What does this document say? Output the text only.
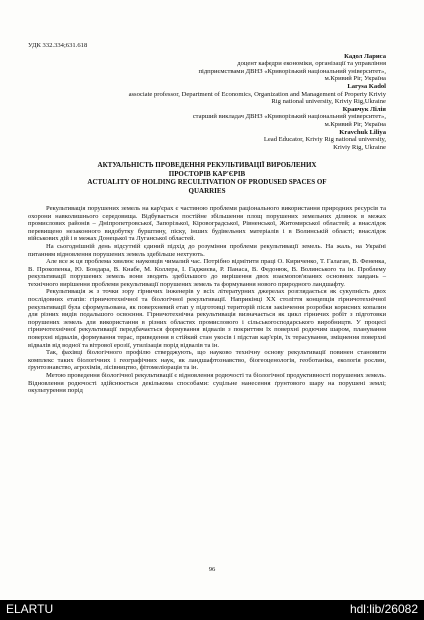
УДК 332.334;631.618
Кадол Лариса
доцент кафедри економіки, організації та управління
підприємствами ДВНЗ «Криворізький національний університет»,
м.Кривий Ріг, Україна
Larysa Kadol
associate professor, Department of Economics, Organization and Management of Property Kriviy
Rig national university, Kriviy Rig,Ukraine
Кравчук Лілія
старший викладач ДВНЗ «Криворізький національний університет»,
м.Кривий Ріг, Україна
Kravchuk Liliya
Lead Educator, Kriviy Rig national university,
Kriviy Rig, Ukraine
АКТУАЛЬНІСТЬ ПРОВЕДЕННЯ РЕКУЛЬТИВАЦІЇ ВИРОБЛЕНИХ
ПРОСТОРІВ КАР'ЄРІВ
ACTUALITY OF HOLDING RECULTIVATION OF PRODUSED SPACES OF
QUARRIES

Рекультивація порушених земель на кар'єрах є частиною проблеми раціонального використання природних ресурсів та охорони навколишнього середовища. Відбувається постійне збільшення площ порушених земельних ділянок в межах промислових районів – Дніпропетровської, Запорізької, Кіровоградської, Рівненської, Житомирської областей; а внаслідок перевищено незаконного видобутку бурштину, піску, інших будівельних матеріалів і в Волинській області; внаслідок військових дій і в межах Донецької та Луганської областей.

На сьогоднішній день відсутній єдиний підхід до розуміння проблеми рекультивації земель. На жаль, на Україні питанням відновлення порушених земель здебільше нехтують.

Але все ж ця проблема хвилює науковців чималий час. Потрібно відмітити праці О. Кириченко, Т. Галаган, В. Фененка, В. Прокопенка, Ю. Бондара, В. Кнабе, М. Коллера, І. Гаджиєва, Р. Панаса, В. Федонюк, В. Волинського та ін. Проблему рекультивації порушених земель вони зводять здебільшого до вирішення двох взаємопов'язаних основних завдань – технічного вирішення проблеми рекультивації порушених земель та формування нового природного ландшафту.

Рекультивація ж з точки зору гірничих інженерів у всіх літературних джерелах розглядається як сукупність двох послідовних етапів: гірничотехнічної та біологічної рекультивації. Наприкінці ХХ століття концепція гірничотехнічної рекультивації була сформульована, як поверхневий етап у підготовці територій після закінчення розробки корисних копалин для різних видів подальшого освоєння. Гірничотехнічна рекультивація визначається як цикл гірничих робіт з підготовки порушених земель для використання в різних областях промислового і сільськогосподарського виробництв. У процесі гірничотехнічної рекультивації передбачається формування відвалів з покриттям їх поверхні родючим шаром, планування поверхні відвалів, формування терас, приведення в стійкий стан укосів і підстав кар'єрів, їх терасування, зміцнення поверхні відвалів від водної та вітрової ерозії, утилізація порід відвалів та ін.

Так, фахівці біологічного профілю стверджують, що науково технічну основу рекультивації повинен становити комплекс таких біологічних і географічних наук, як ландшафтознавство, біогеоценологія, геоботаніка, екологія рослин, ґрунтознавство, агрохімія, лісівництво, фітомеліорація та ін.

Метою проведення біологічної рекультивації є відновлення родючості та біологічної продуктивності порушених земель. Відновлення родючості здійснюється декількома способами: суцільне нанесення ґрунтового шару на порушені землі; окультурення порід

96
ELARTU	hdl:lib/26082
